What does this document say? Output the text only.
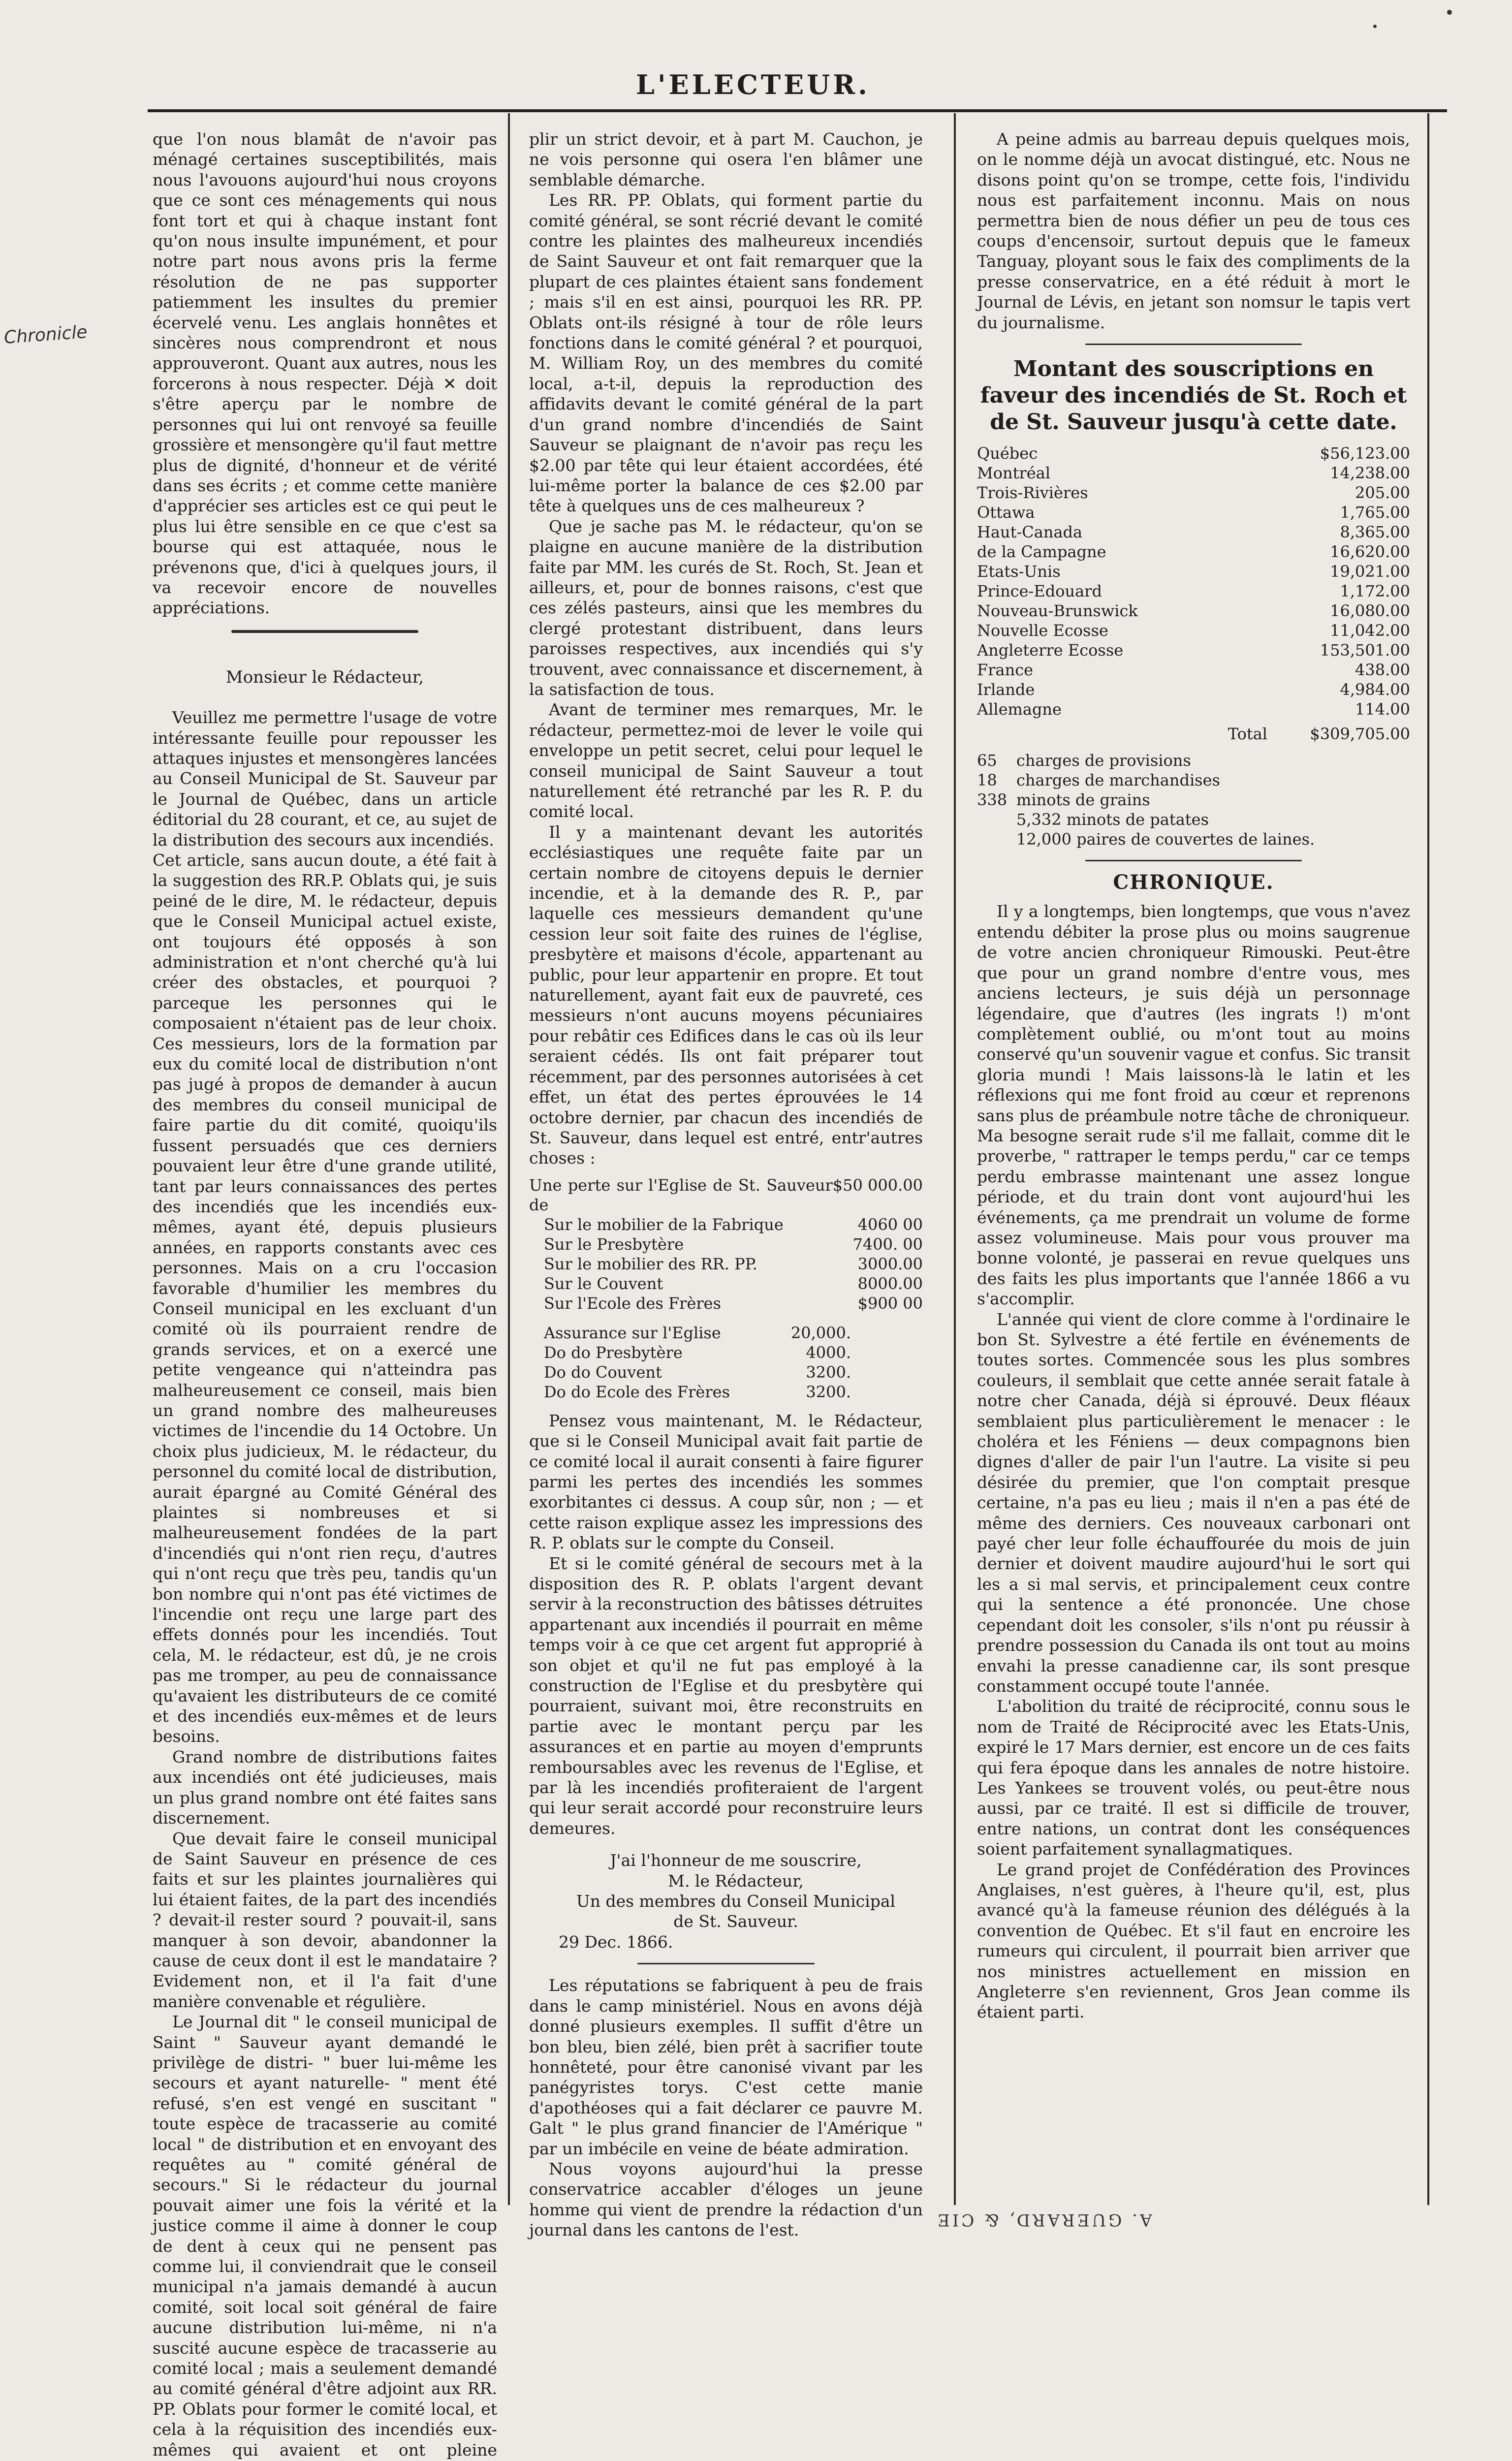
L'ELECTEUR.
Chronicle

que l'on nous blamât de n'avoir pas ménagé certaines susceptibilités, mais nous l'avouons aujourd'hui nous croyons que ce sont ces ménagements qui nous font tort et qui à chaque instant font qu'on nous insulte impunément, et pour notre part nous avons pris la ferme résolution de ne pas supporter patiemment les insultes du premier écervelé venu. Les anglais honnêtes et sincères nous comprendront et nous approuveront. Quant aux autres, nous les forcerons à nous respecter. Déjà ✕ doit s'être aperçu par le nombre de personnes qui lui ont renvoyé sa feuille grossière et mensongère qu'il faut mettre plus de dignité, d'honneur et de vérité dans ses écrits ; et comme cette manière d'apprécier ses articles est ce qui peut le plus lui être sensible en ce que c'est sa bourse qui est attaquée, nous le prévenons que, d'ici à quelques jours, il va recevoir encore de nouvelles appréciations.

Monsieur le Rédacteur,

Veuillez me permettre l'usage de votre intéressante feuille pour repousser les attaques injustes et mensongères lancées au Conseil Municipal de St. Sauveur par le Journal de Québec, dans un article éditorial du 28 courant, et ce, au sujet de la distribution des secours aux incendiés.

Cet article, sans aucun doute, a été fait à la suggestion des RR.P. Oblats qui, je suis peiné de le dire, M. le rédacteur, depuis que le Conseil Municipal actuel existe, ont toujours été opposés à son administration et n'ont cherché qu'à lui créer des obstacles, et pourquoi ? parceque les personnes qui le composaient n'étaient pas de leur choix. Ces messieurs, lors de la formation par eux du comité local de distribution n'ont pas jugé à propos de demander à aucun des membres du conseil municipal de faire partie du dit comité, quoiqu'ils fussent persuadés que ces derniers pouvaient leur être d'une grande utilité, tant par leurs connaissances des pertes des incendiés que les incendiés eux-mêmes, ayant été, depuis plusieurs années, en rapports constants avec ces personnes. Mais on a cru l'occasion favorable d'humilier les membres du Conseil municipal en les excluant d'un comité où ils pourraient rendre de grands services, et on a exercé une petite vengeance qui n'atteindra pas malheureusement ce conseil, mais bien un grand nombre des malheureuses victimes de l'incendie du 14 Octobre. Un choix plus judicieux, M. le rédacteur, du personnel du comité local de distribution, aurait épargné au Comité Général des plaintes si nombreuses et si malheureusement fondées de la part d'incendiés qui n'ont rien reçu, d'autres qui n'ont reçu que très peu, tandis qu'un bon nombre qui n'ont pas été victimes de l'incendie ont reçu une large part des effets donnés pour les incendiés. Tout cela, M. le rédacteur, est dû, je ne crois pas me tromper, au peu de connaissance qu'avaient les distributeurs de ce comité et des incendiés eux-mêmes et de leurs besoins.

Grand nombre de distributions faites aux incendiés ont été judicieuses, mais un plus grand nombre ont été faites sans discernement.

Que devait faire le conseil municipal de Saint Sauveur en présence de ces faits et sur les plaintes journalières qui lui étaient faites, de la part des incendiés ? devait-il rester sourd ? pouvait-il, sans manquer à son devoir, abandonner la cause de ceux dont il est le mandataire ? Evidement non, et il l'a fait d'une manière convenable et régulière.

Le Journal dit " le conseil municipal de Saint " Sauveur ayant demandé le privilège de distri- " buer lui-même les secours et ayant naturelle- " ment été refusé, s'en est vengé en suscitant " toute espèce de tracasserie au comité local " de distribution et en envoyant des requêtes au " comité général de secours." Si le rédacteur du journal pouvait aimer une fois la vérité et la justice comme il aime à donner le coup de dent à ceux qui ne pensent pas comme lui, il conviendrait que le conseil municipal n'a jamais demandé à aucun comité, soit local soit général de faire aucune distribution lui-même, ni n'a suscité aucune espèce de tracasserie au comité local ; mais a seulement demandé au comité général d'être adjoint aux RR. PP. Oblats pour former le comité local, et cela à la réquisition des incendiés eux-mêmes qui avaient et ont pleine

plir un strict devoir, et à part M. Cauchon, je ne vois personne qui osera l'en blâmer une semblable démarche.

Les RR. PP. Oblats, qui forment partie du comité général, se sont récrié devant le comité contre les plaintes des malheureux incendiés de Saint Sauveur et ont fait remarquer que la plupart de ces plaintes étaient sans fondement ; mais s'il en est ainsi, pourquoi les RR. PP. Oblats ont-ils résigné à tour de rôle leurs fonctions dans le comité général ? et pourquoi, M. William Roy, un des membres du comité local, a-t-il, depuis la reproduction des affidavits devant le comité général de la part d'un grand nombre d'incendiés de Saint Sauveur se plaignant de n'avoir pas reçu les $2.00 par tête qui leur étaient accordées, été lui-même porter la balance de ces $2.00 par tête à quelques uns de ces malheureux ?

Que je sache pas M. le rédacteur, qu'on se plaigne en aucune manière de la distribution faite par MM. les curés de St. Roch, St. Jean et ailleurs, et, pour de bonnes raisons, c'est que ces zélés pasteurs, ainsi que les membres du clergé protestant distribuent, dans leurs paroisses respectives, aux incendiés qui s'y trouvent, avec connaissance et discernement, à la satisfaction de tous.

Avant de terminer mes remarques, Mr. le rédacteur, permettez-moi de lever le voile qui enveloppe un petit secret, celui pour lequel le conseil municipal de Saint Sauveur a tout naturellement été retranché par les R. P. du comité local.

Il y a maintenant devant les autorités ecclésiastiques une requête faite par un certain nombre de citoyens depuis le dernier incendie, et à la demande des R. P., par laquelle ces messieurs demandent qu'une cession leur soit faite des ruines de l'église, presbytère et maisons d'école, appartenant au public, pour leur appartenir en propre. Et tout naturellement, ayant fait eux de pauvreté, ces messieurs n'ont aucuns moyens pécuniaires pour rebâtir ces Edifices dans le cas où ils leur seraient cédés. Ils ont fait préparer tout récemment, par des personnes autorisées à cet effet, un état des pertes éprouvées le 14 octobre dernier, par chacun des incendiés de St. Sauveur, dans lequel est entré, entr'autres choses :

Une perte sur l'Eglise de St. Sauveur de	$50 000.00
Sur le mobilier de la Fabrique	4060 00
Sur le Presbytère	7400. 00
Sur le mobilier des RR. PP.	3000.00
Sur le Couvent	8000.00
Sur l'Ecole des Frères	$900 00
Assurance sur l'Eglise	20,000.
Do do Presbytère	4000.
Do do Couvent	3200.
Do do Ecole des Frères	3200.

Pensez vous maintenant, M. le Rédacteur, que si le Conseil Municipal avait fait partie de ce comité local il aurait consenti à faire figurer parmi les pertes des incendiés les sommes exorbitantes ci dessus. A coup sûr, non ; — et cette raison explique assez les impressions des R. P. oblats sur le compte du Conseil.

Et si le comité général de secours met à la disposition des R. P. oblats l'argent devant servir à la reconstruction des bâtisses détruites appartenant aux incendiés il pourrait en même temps voir à ce que cet argent fut approprié à son objet et qu'il ne fut pas employé à la construction de l'Eglise et du presbytère qui pourraient, suivant moi, être reconstruits en partie avec le montant perçu par les assurances et en partie au moyen d'emprunts remboursables avec les revenus de l'Eglise, et par là les incendiés profiteraient de l'argent qui leur serait accordé pour reconstruire leurs demeures.

J'ai l'honneur de me souscrire,

M. le Rédacteur,

Un des membres du Conseil Municipal

de St. Sauveur.

29 Dec. 1866.

Les réputations se fabriquent à peu de frais dans le camp ministériel. Nous en avons déjà donné plusieurs exemples. Il suffit d'être un bon bleu, bien zélé, bien prêt à sacrifier toute honnêteté, pour être canonisé vivant par les panégyristes torys. C'est cette manie d'apothéoses qui a fait déclarer ce pauvre M. Galt " le plus grand financier de l'Amérique " par un imbécile en veine de béate admiration.

Nous voyons aujourd'hui la presse conservatrice accabler d'éloges un jeune homme qui vient de prendre la rédaction d'un journal dans les cantons de l'est.

A peine admis au barreau depuis quelques mois, on le nomme déjà un avocat distingué, etc. Nous ne disons point qu'on se trompe, cette fois, l'individu nous est parfaitement inconnu. Mais on nous permettra bien de nous défier un peu de tous ces coups d'encensoir, surtout depuis que le fameux Tanguay, ployant sous le faix des compliments de la presse conservatrice, en a été réduit à mort le Journal de Lévis, en jetant son nomsur le tapis vert du journalisme.

Montant des souscriptions en faveur des incendiés de St. Roch et de St. Sauveur jusqu'à cette date.
Québec	$56,123.00
Montréal	14,238.00
Trois-Rivières	205.00
Ottawa	1,765.00
Haut-Canada	8,365.00
de la Campagne	16,620.00
Etats-Unis	19,021.00
Prince-Edouard	1,172.00
Nouveau-Brunswick	16,080.00
Nouvelle Ecosse	11,042.00
Angleterre Ecosse	153,501.00
France	438.00
Irlande	4,984.00
Allemagne	114.00
Total	$309,705.00
65	charges de provisions
18	charges de marchandises
338	minots de grains
	5,332 minots de patates
	12,000 paires de couvertes de laines.
CHRONIQUE.

Il y a longtemps, bien longtemps, que vous n'avez entendu débiter la prose plus ou moins saugrenue de votre ancien chroniqueur Rimouski. Peut-être que pour un grand nombre d'entre vous, mes anciens lecteurs, je suis déjà un personnage légendaire, que d'autres (les ingrats !) m'ont complètement oublié, ou m'ont tout au moins conservé qu'un souvenir vague et confus. Sic transit gloria mundi ! Mais laissons-là le latin et les réflexions qui me font froid au cœur et reprenons sans plus de préambule notre tâche de chroniqueur. Ma besogne serait rude s'il me fallait, comme dit le proverbe, " rattraper le temps perdu," car ce temps perdu embrasse maintenant une assez longue période, et du train dont vont aujourd'hui les événements, ça me prendrait un volume de forme assez volumineuse. Mais pour vous prouver ma bonne volonté, je passerai en revue quelques uns des faits les plus importants que l'année 1866 a vu s'accomplir.

L'année qui vient de clore comme à l'ordinaire le bon St. Sylvestre a été fertile en événements de toutes sortes. Commencée sous les plus sombres couleurs, il semblait que cette année serait fatale à notre cher Canada, déjà si éprouvé. Deux fléaux semblaient plus particulièrement le menacer : le choléra et les Féniens — deux compagnons bien dignes d'aller de pair l'un l'autre. La visite si peu désirée du premier, que l'on comptait presque certaine, n'a pas eu lieu ; mais il n'en a pas été de même des derniers. Ces nouveaux carbonari ont payé cher leur folle échauffourée du mois de juin dernier et doivent maudire aujourd'hui le sort qui les a si mal servis, et principalement ceux contre qui la sentence a été prononcée. Une chose cependant doit les consoler, s'ils n'ont pu réussir à prendre possession du Canada ils ont tout au moins envahi la presse canadienne car, ils sont presque constamment occupé toute l'année.

L'abolition du traité de réciprocité, connu sous le nom de Traité de Réciprocité avec les Etats-Unis, expiré le 17 Mars dernier, est encore un de ces faits qui fera époque dans les annales de notre histoire. Les Yankees se trouvent volés, ou peut-être nous aussi, par ce traité. Il est si difficile de trouver, entre nations, un contrat dont les conséquences soient parfaitement synallagmatiques.

Le grand projet de Confédération des Provinces Anglaises, n'est guères, à l'heure qu'il, est, plus avancé qu'à la fameuse réunion des délégués à la convention de Québec. Et s'il faut en encroire les rumeurs qui circulent, il pourrait bien arriver que nos ministres actuellement en mission en Angleterre s'en reviennent, Gros Jean comme ils étaient parti.

A. GUERARD, & CIE
